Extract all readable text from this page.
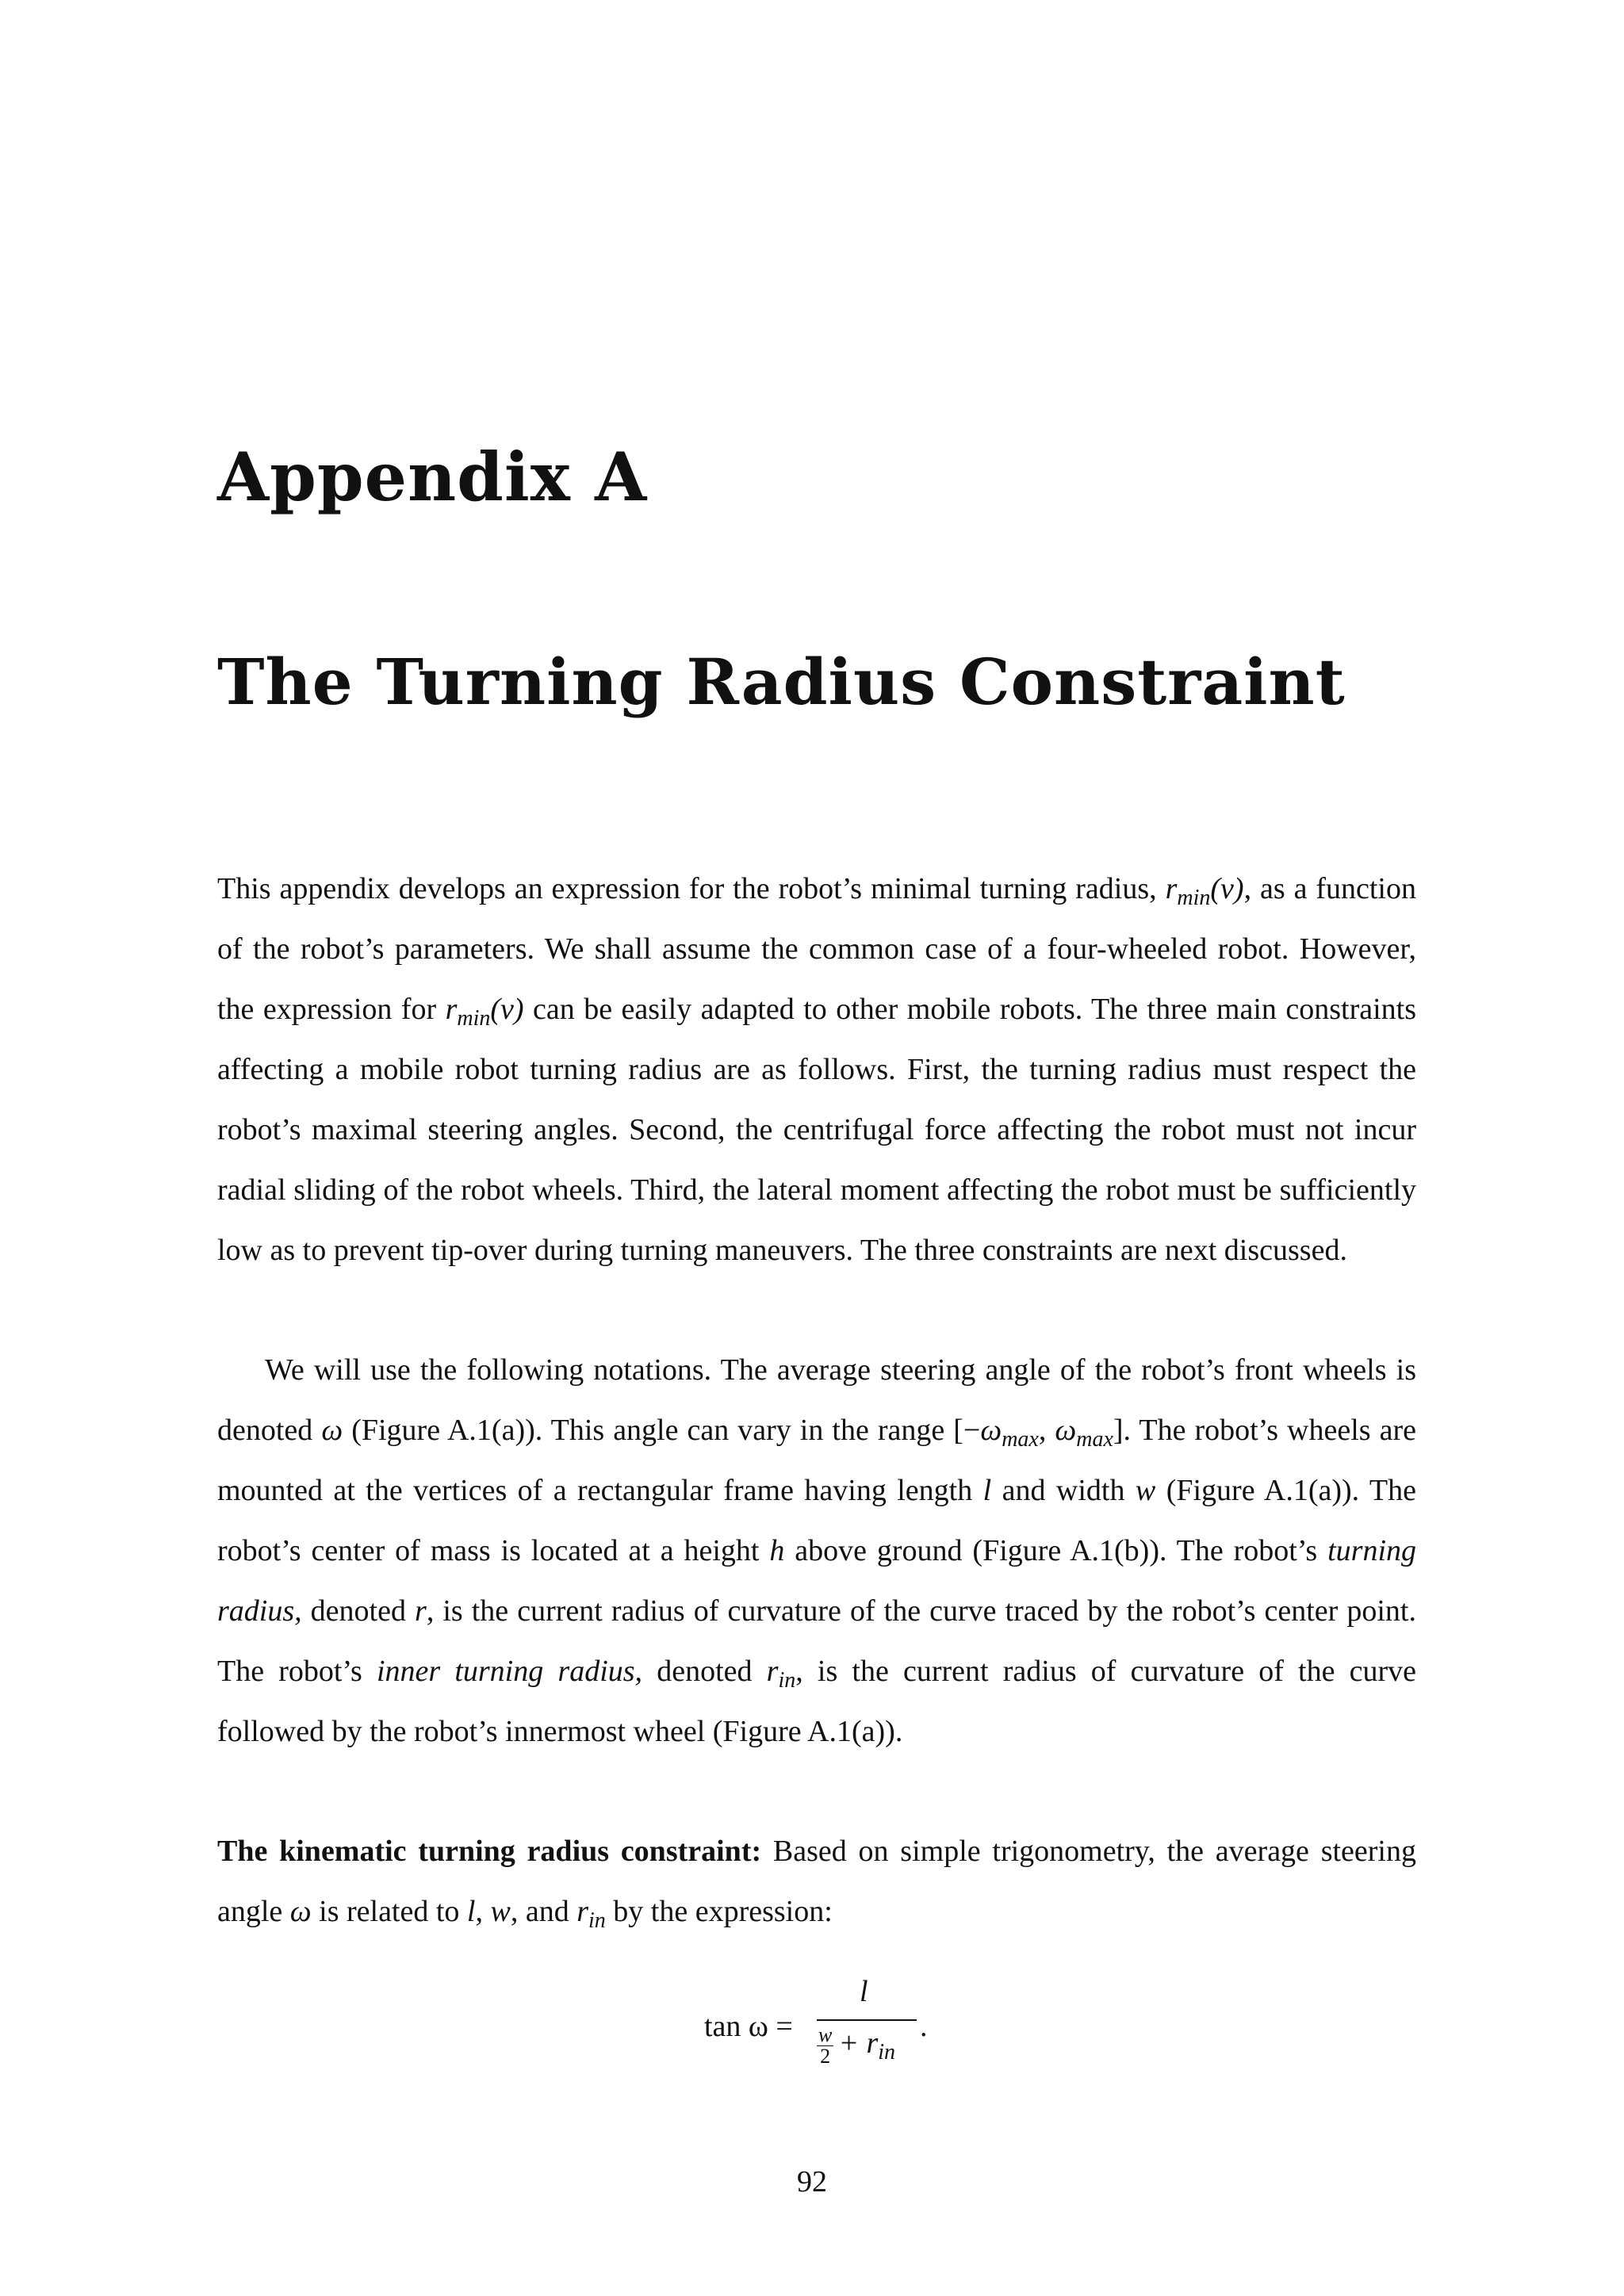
Appendix A
The Turning Radius Constraint
This appendix develops an expression for the robot’s minimal turning radius, $r_{min}(\nu)$, as a function of the robot’s parameters. We shall assume the common case of a four-wheeled robot. However, the expression for $r_{min}(\nu)$ can be easily adapted to other mobile robots. The three main constraints affecting a mobile robot turning radius are as follows. First, the turning radius must respect the robot’s maximal steering angles. Second, the centrifugal force affecting the robot must not incur radial sliding of the robot wheels. Third, the lateral moment affecting the robot must be sufficiently low as to prevent tip-over during turning maneuvers. The three constraints are next discussed.
We will use the following notations. The average steering angle of the robot’s front wheels is denoted ω (Figure A.1(a)). This angle can vary in the range [$-\omega_{max}$, $\omega_{max}$]. The robot’s wheels are mounted at the vertices of a rectangular frame having length l and width w (Figure A.1(a)). The robot’s center of mass is located at a height h above ground (Figure A.1(b)). The robot’s turning radius, denoted r, is the current radius of curvature of the curve traced by the robot’s center point. The robot’s inner turning radius, denoted $r_{in}$, is the current radius of curvature of the curve followed by the robot’s innermost wheel (Figure A.1(a)).
The kinematic turning radius constraint: Based on simple trigonometry, the average steering angle ω is related to l, w, and $r_{in}$ by the expression:
tan ω =
l
$\frac{w}{2} + r_{in}$
.
92
